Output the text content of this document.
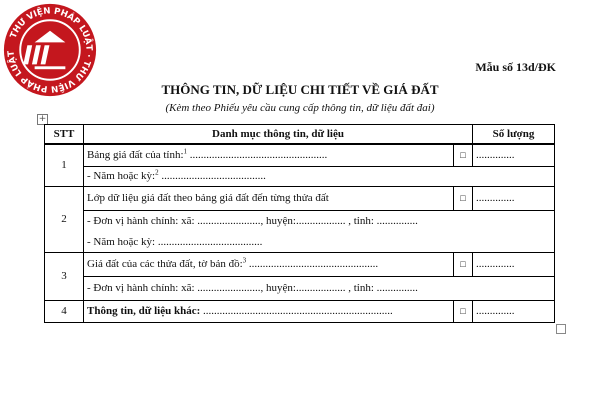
THƯ VIỆN PHÁP LUẬT · THƯ VIỆN PHÁP LUẬT
Mẫu số 13d/ĐK
THÔNG TIN, DỮ LIỆU CHI TIẾT VỀ GIÁ ĐẤT
(Kèm theo Phiếu yêu cầu cung cấp thông tin, dữ liệu đất đai)
+
STT	Danh mục thông tin, dữ liệu		Số lượng
1	Bảng giá đất của tỉnh:$^1$ ..................................................	□	..............
	- Năm hoặc kỳ:$^2$ ......................................		
2	Lớp dữ liệu giá đất theo bảng giá đất đến từng thửa đất	□	..............
	- Đơn vị hành chính: xã: ......................., huyện:.................. , tỉnh: ...............		
	- Năm hoặc kỳ: ......................................		
3	Giá đất của các thửa đất, tờ bản đồ:$^3$ ...............................................	□	..............
	- Đơn vị hành chính: xã: ......................., huyện:.................. , tỉnh: ...............		
4	Thông tin, dữ liệu khác: .....................................................................	□	..............
